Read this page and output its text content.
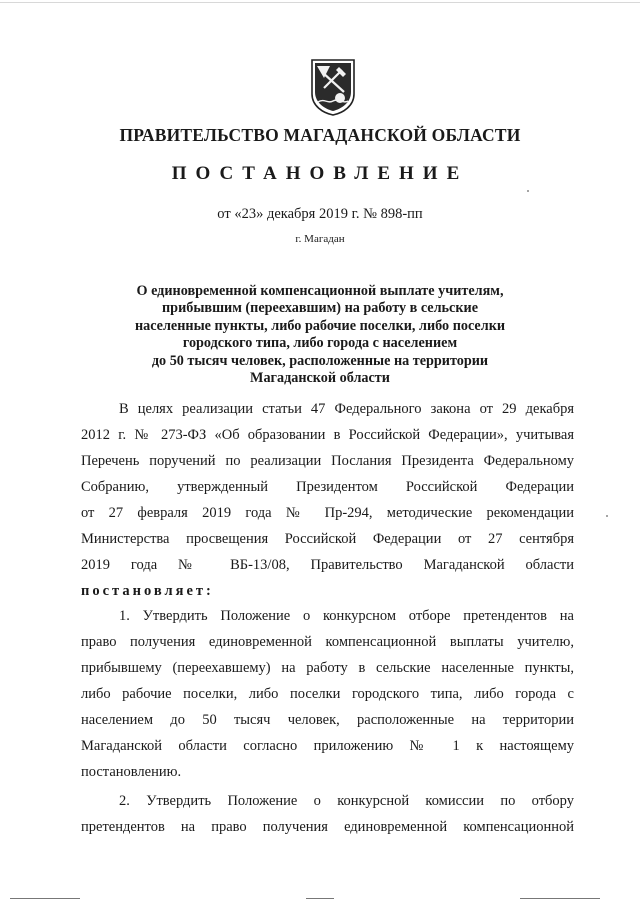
ПРАВИТЕЛЬСТВО МАГАДАНСКОЙ ОБЛАСТИ
ПОСТАНОВЛЕНИЕ
от «23» декабря 2019 г. № 898-пп
г. Магадан
О единовременной компенсационной выплате учителям,
прибывшим (переехавшим) на работу в сельские
населенные пункты, либо рабочие поселки, либо поселки
городского типа, либо города с населением
до 50 тысяч человек, расположенные на территории
Магаданской области
В целях реализации статьи 47 Федерального закона от 29 декабря
2012 г. № 273-ФЗ «Об образовании в Российской Федерации», учитывая
Перечень поручений по реализации Послания Президента Федеральному
Собранию, утвержденный Президентом Российской Федерации
от 27 февраля 2019 года № Пр-294, методические рекомендации
Министерства просвещения Российской Федерации от 27 сентября
2019 года № ВБ-13/08, Правительство Магаданской области
постановляет:
1. Утвердить Положение о конкурсном отборе претендентов на
право получения единовременной компенсационной выплаты учителю,
прибывшему (переехавшему) на работу в сельские населенные пункты,
либо рабочие поселки, либо поселки городского типа, либо города с
населением до 50 тысяч человек, расположенные на территории
Магаданской области согласно приложению № 1 к настоящему
постановлению.
2. Утвердить Положение о конкурсной комиссии по отбору
претендентов на право получения единовременной компенсационной
